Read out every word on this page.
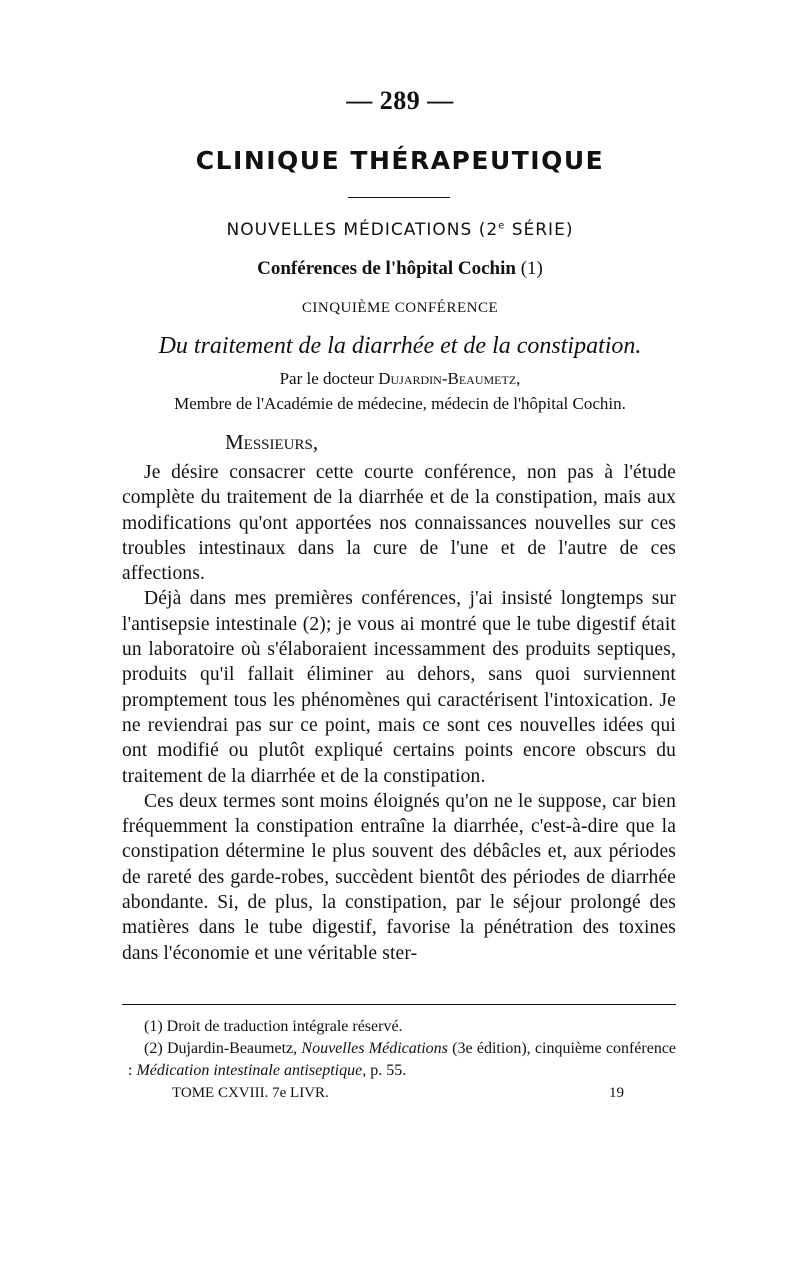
— 289 —
CLINIQUE THÉRAPEUTIQUE
NOUVELLES MÉDICATIONS (2e SÉRIE)
Conférences de l'hôpital Cochin (1)
CINQUIÈME CONFÉRENCE
Du traitement de la diarrhée et de la constipation.
Par le docteur Dujardin-Beaumetz,
Membre de l'Académie de médecine, médecin de l'hôpital Cochin.
Messieurs,

Je désire consacrer cette courte conférence, non pas à l'étude complète du traitement de la diarrhée et de la constipation, mais aux modifications qu'ont apportées nos connaissances nouvelles sur ces troubles intestinaux dans la cure de l'une et de l'autre de ces affections.

Déjà dans mes premières conférences, j'ai insisté longtemps sur l'antisepsie intestinale (2); je vous ai montré que le tube digestif était un laboratoire où s'élaboraient incessamment des produits septiques, produits qu'il fallait éliminer au dehors, sans quoi surviennent promptement tous les phénomènes qui caractérisent l'intoxication. Je ne reviendrai pas sur ce point, mais ce sont ces nouvelles idées qui ont modifié ou plutôt expliqué certains points encore obscurs du traitement de la diarrhée et de la constipation.

Ces deux termes sont moins éloignés qu'on ne le suppose, car bien fréquemment la constipation entraîne la diarrhée, c'est-à-dire que la constipation détermine le plus souvent des débâcles et, aux périodes de rareté des garde-robes, succèdent bientôt des périodes de diarrhée abondante. Si, de plus, la constipation, par le séjour prolongé des matières dans le tube digestif, favorise la pénétration des toxines dans l'économie et une véritable ster-

(1) Droit de traduction intégrale réservé.

(2) Dujardin-Beaumetz, Nouvelles Médications (3e édition), cinquième conférence : Médication intestinale antiseptique, p. 55.

TOME CXVIII. 7e LIVR.	19
